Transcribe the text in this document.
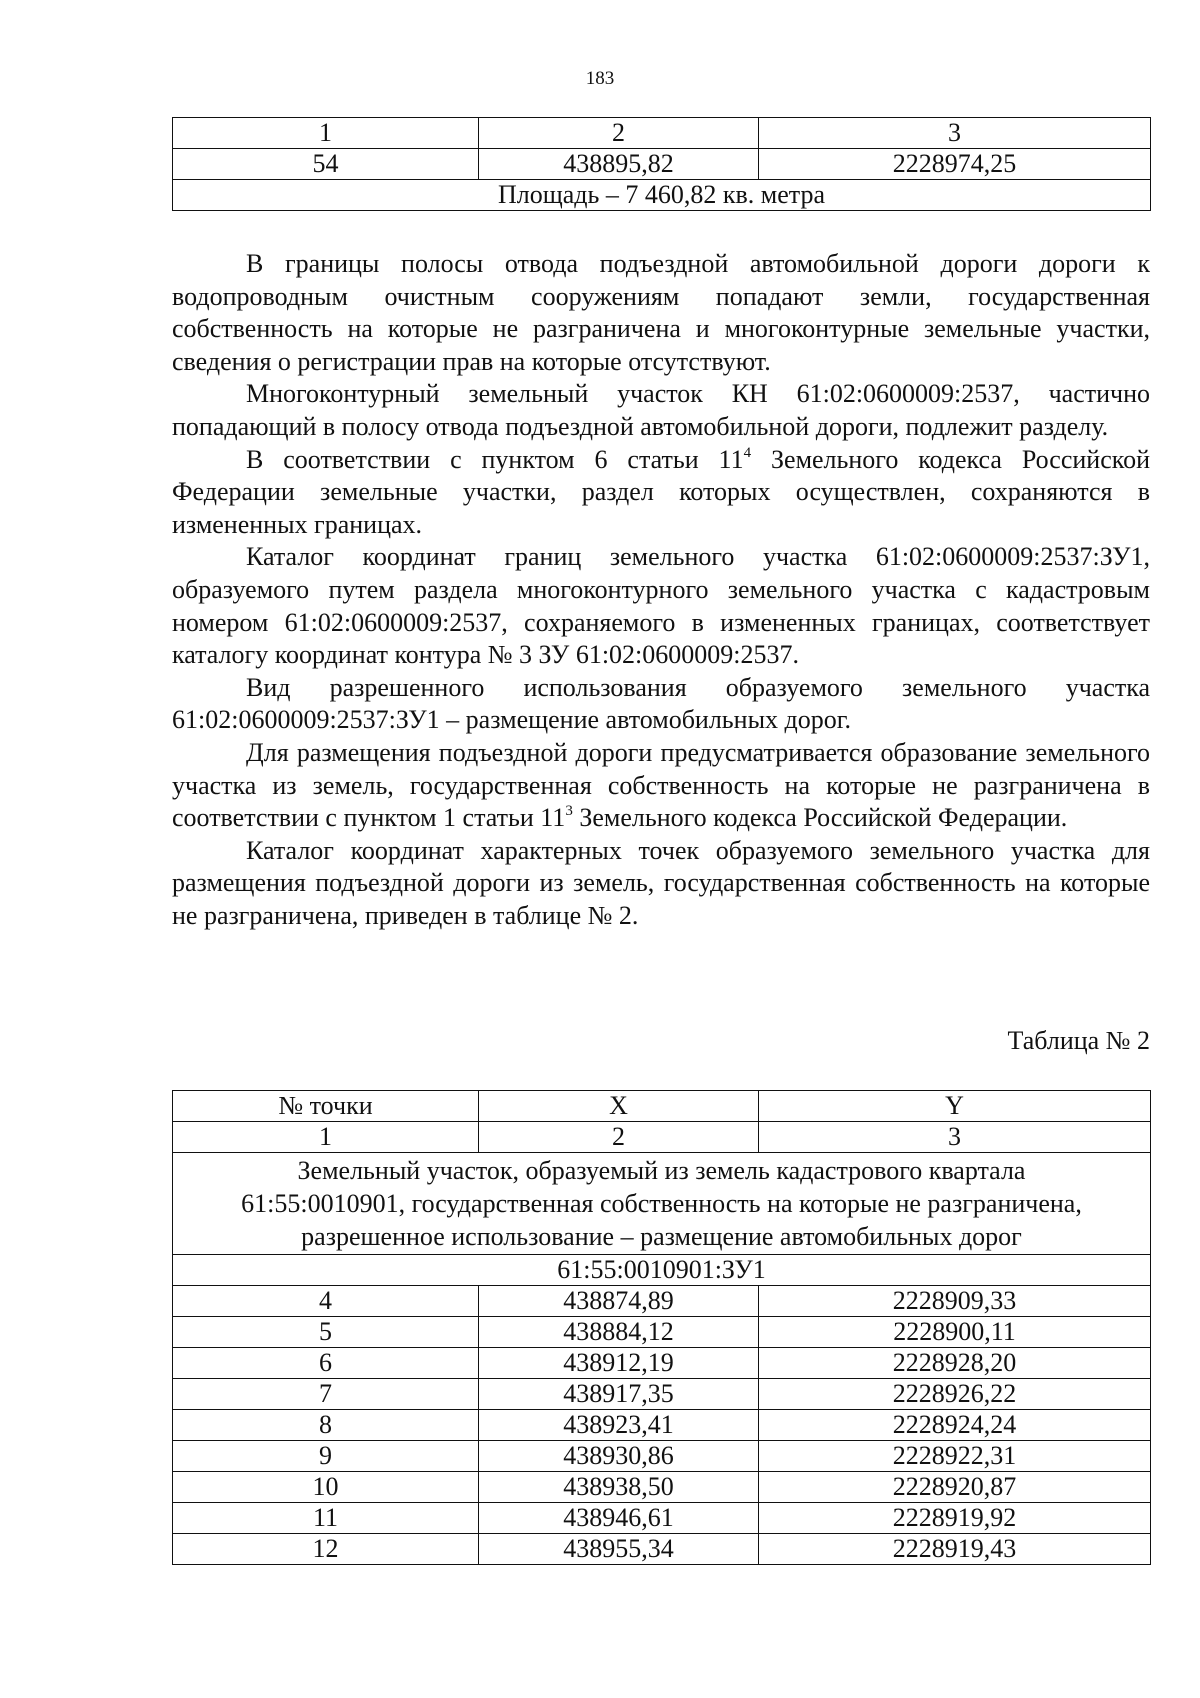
183
1	2	3
54	438895,82	2228974,25
Площадь – 7 460,82 кв. метра		

В границы полосы отвода подъездной автомобильной дороги дороги к водопроводным очистным сооружениям попадают земли, государственная собственность на которые не разграничена и многоконтурные земельные участки, сведения о регистрации прав на которые отсутствуют.

Многоконтурный земельный участок КН 61:02:0600009:2537, частично попадающий в полосу отвода подъездной автомобильной дороги, подлежит разделу.

В соответствии с пунктом 6 статьи $11^4$ Земельного кодекса Российской Федерации земельные участки, раздел которых осуществлен, сохраняются в измененных границах.

Каталог координат границ земельного участка 61:02:0600009:2537:ЗУ1, образуемого путем раздела многоконтурного земельного участка с кадастровым номером 61:02:0600009:2537, сохраняемого в измененных границах, соответствует каталогу координат контура № 3 ЗУ 61:02:0600009:2537.

Вид разрешенного использования образуемого земельного участка 61:02:0600009:2537:ЗУ1 – размещение автомобильных дорог.

Для размещения подъездной дороги предусматривается образование земельного участка из земель, государственная собственность на которые не разграничена в соответствии с пунктом 1 статьи $11^3$ Земельного кодекса Российской Федерации.

Каталог координат характерных точек образуемого земельного участка для размещения подъездной дороги из земель, государственная собственность на которые не разграничена, приведен в таблице № 2.

Таблица № 2
№ точки	X	Y
1	2	3

Земельный участок, образуемый из земель кадастрового квартала
61:55:0010901, государственная собственность на которые не разграничена,
разрешенное использование – размещение автомобильных дорог		

61:55:0010901:ЗУ1		
4	438874,89	2228909,33
5	438884,12	2228900,11
6	438912,19	2228928,20
7	438917,35	2228926,22
8	438923,41	2228924,24
9	438930,86	2228922,31
10	438938,50	2228920,87
11	438946,61	2228919,92
12	438955,34	2228919,43
